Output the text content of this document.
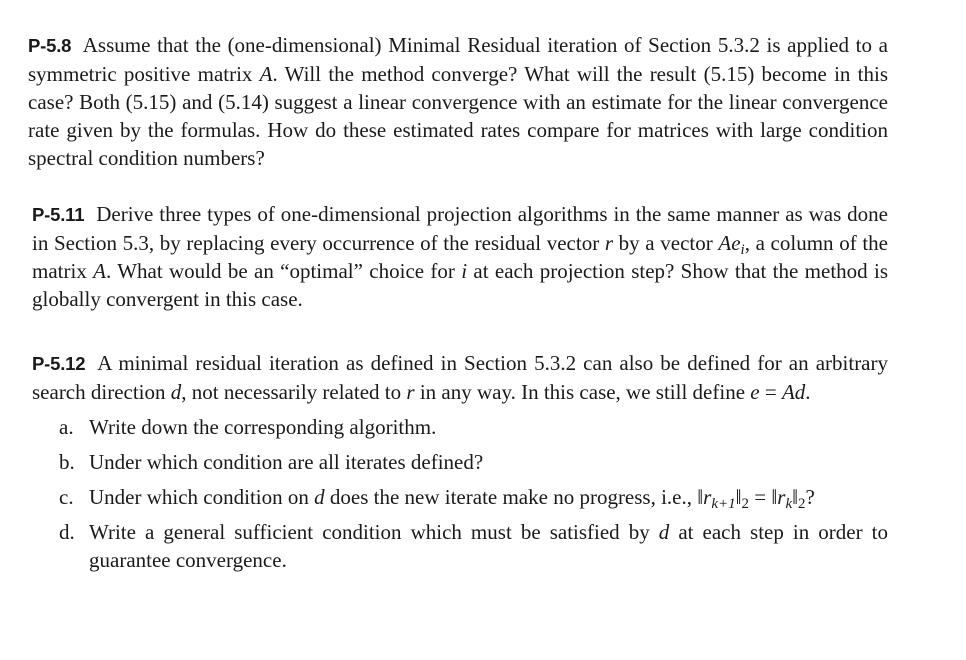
P-5.8 Assume that the (one-dimensional) Minimal Residual iteration of Section 5.3.2 is applied to a symmetric positive matrix A. Will the method converge? What will the result (5.15) become in this case? Both (5.15) and (5.14) suggest a linear convergence with an estimate for the linear convergence rate given by the formulas. How do these estimated rates compare for matrices with large condition spectral condition numbers?

P-5.11 Derive three types of one-dimensional projection algorithms in the same manner as was done in Section 5.3, by replacing every occurrence of the residual vector r by a vector $Ae_i$, a column of the matrix A. What would be an “optimal” choice for i at each projection step? Show that the method is globally convergent in this case.

P-5.12 A minimal residual iteration as defined in Section 5.3.2 can also be defined for an arbitrary search direction d, not necessarily related to r in any way. In this case, we still define e = Ad.

a. Write down the corresponding algorithm.
b. Under which condition are all iterates defined?
c. Under which condition on d does the new iterate make no progress, i.e., $‖r_{k+1}‖2$ = $‖r_k‖2$?
d. Write a general sufficient condition which must be satisfied by d at each step in order to guarantee convergence.
